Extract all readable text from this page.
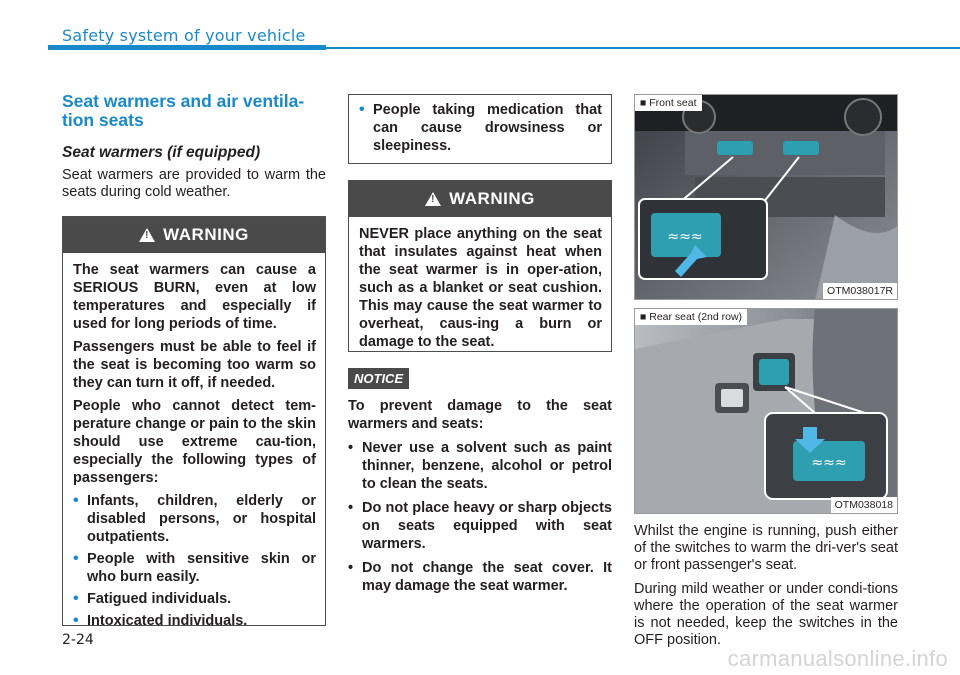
Safety system of your vehicle
Seat warmers and air ventila-
tion seats
Seat warmers (if equipped)
Seat warmers are provided to warm the seats during cold weather.
!
WARNING

The seat warmers can cause a SERIOUS BURN, even at low temperatures and especially if used for long periods of time.

Passengers must be able to feel if the seat is becoming too warm so they can turn it off, if needed.

People who cannot detect tem-perature change or pain to the skin should use extreme cau-tion, especially the following types of passengers:

• Infants, children, elderly or disabled persons, or hospital outpatients.
• People with sensitive skin or who burn easily.
• Fatigued individuals.
• Intoxicated individuals.
• People taking medication that can cause drowsiness or sleepiness.
!
WARNING

NEVER place anything on the seat that insulates against heat when the seat warmer is in oper-ation, such as a blanket or seat cushion. This may cause the seat warmer to overheat, caus-ing a burn or damage to the seat.

NOTICE
To prevent damage to the seat warmers and seats:
• Never use a solvent such as paint thinner, benzene, alcohol or petrol to clean the seats.
• Do not place heavy or sharp objects on seats equipped with seat warmers.
• Do not change the seat cover. It may damage the seat warmer.
≈≈≈
■ Front seat
OTM038017R
≈≈≈
■ Rear seat (2nd row)
OTM038018
Whilst the engine is running, push either of the switches to warm the dri-ver's seat or front passenger's seat.
During mild weather or under condi-tions where the operation of the seat warmer is not needed, keep the switches in the OFF position.
2-24
carmanualsonline.info
